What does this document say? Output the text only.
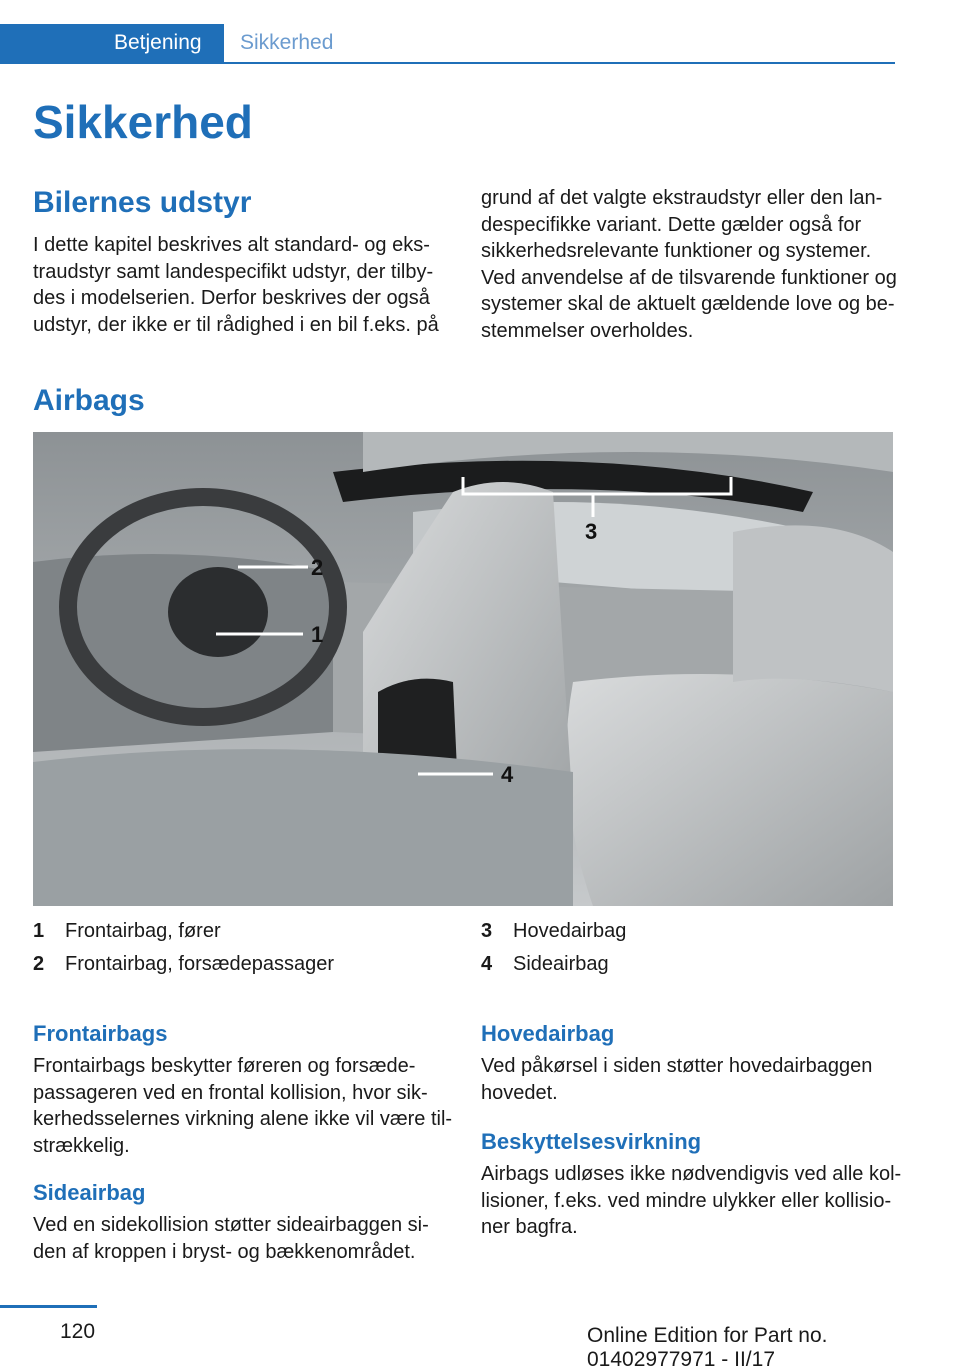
Betjening	Sikkerhed
Sikkerhed
Bilernes udstyr
I dette kapitel beskrives alt standard- og eks-
traudstyr samt landespecifikt udstyr, der tilby-
des i modelserien. Derfor beskrives der også
udstyr, der ikke er til rådighed i en bil f.eks. på
grund af det valgte ekstraudstyr eller den lan-
despecifikke variant. Dette gælder også for
sikkerhedsrelevante funktioner og systemer.
Ved anvendelse af de tilsvarende funktioner og
systemer skal de aktuelt gældende love og be-
stemmelser overholdes.
Airbags
1
2
3
4
1 Frontairbag, fører
2 Frontairbag, forsædepassager
3 Hovedairbag
4 Sideairbag
Frontairbags
Frontairbags beskytter føreren og forsæde-
passageren ved en frontal kollision, hvor sik-
kerhedsselernes virkning alene ikke vil være til-
strækkelig.
Sideairbag
Ved en sidekollision støtter sideairbaggen si-
den af kroppen i bryst- og bækkenområdet.
Hovedairbag
Ved påkørsel i siden støtter hovedairbaggen
hovedet.
Beskyttelsesvirkning
Airbags udløses ikke nødvendigvis ved alle kol-
lisioner, f.eks. ved mindre ulykker eller kollisio-
ner bagfra.
120	Online Edition for Part no. 01402977971 - II/17
